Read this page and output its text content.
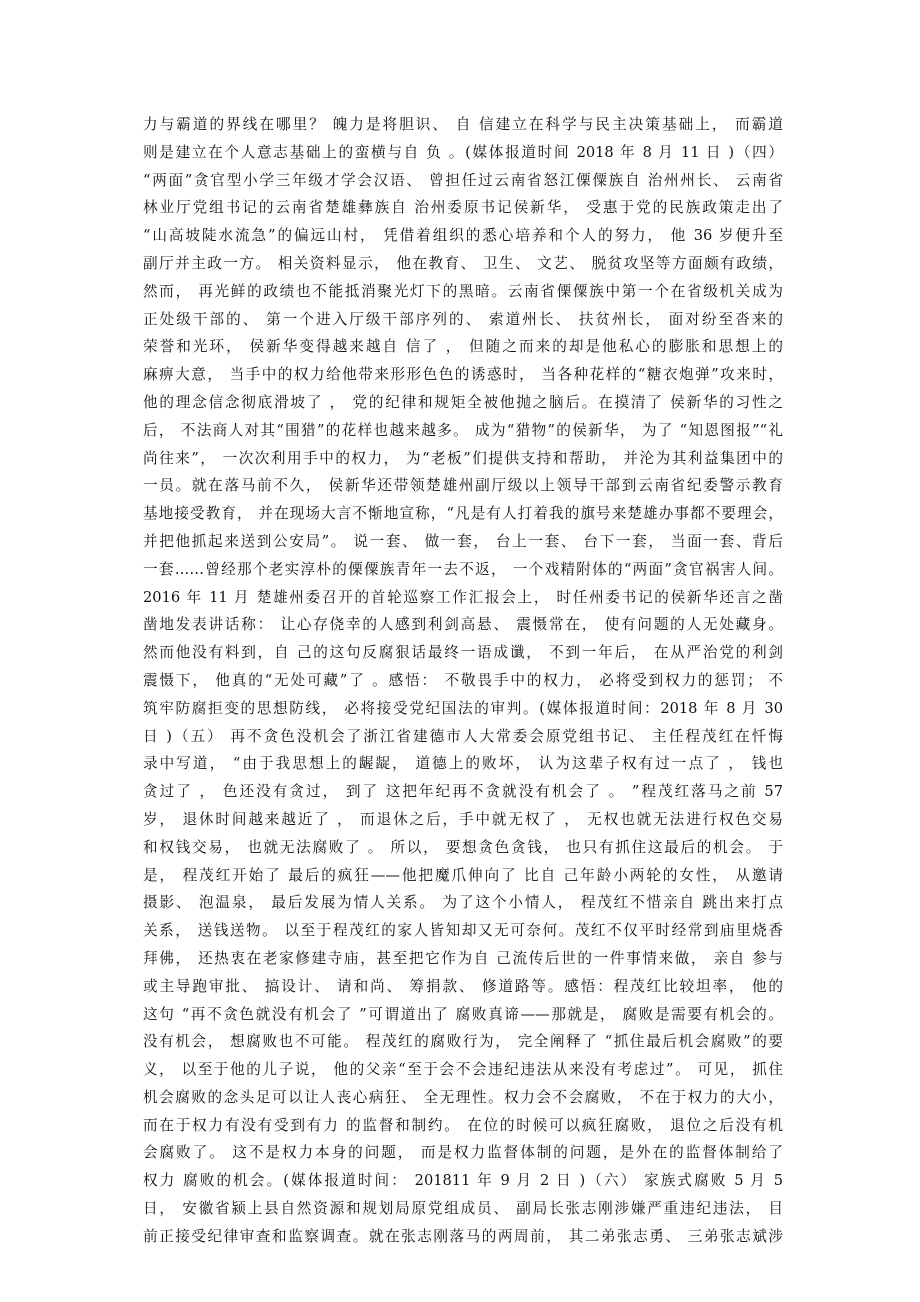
力与霸道的界线在哪里？ 魄力是将胆识、 自 信建立在科学与民主决策基础上， 而霸道
则是建立在个人意志基础上的蛮横与自 负 。(媒体报道时间 2018 年 8 月 11 日 )（四）
“两面”贪官型小学三年级才学会汉语、 曾担任过云南省怒江傈僳族自 治州州长、 云南省
林业厅党组书记的云南省楚雄彝族自 治州委原书记侯新华， 受惠于党的民族政策走出了
“山高坡陡水流急”的偏远山村， 凭借着组织的悉心培养和个人的努力， 他 36 岁便升至
副厅并主政一方。 相关资料显示， 他在教育、 卫生、 文艺、 脱贫攻坚等方面颇有政绩，
然而， 再光鲜的政绩也不能抵消聚光灯下的黑暗。云南省傈僳族中第一个在省级机关成为
正处级干部的、 第一个进入厅级干部序列的、 索道州长、 扶贫州长， 面对纷至沓来的
荣誉和光环， 侯新华变得越来越自 信了 ， 但随之而来的却是他私心的膨胀和思想上的
麻痹大意， 当手中的权力给他带来形形色色的诱惑时， 当各种花样的“糖衣炮弹”攻来时，
他的理念信念彻底滑坡了 ， 党的纪律和规矩全被他抛之脑后。在摸清了 侯新华的习性之
后， 不法商人对其“围猎”的花样也越来越多。 成为“猎物”的侯新华， 为了 “知恩图报”“礼
尚往来”， 一次次利用手中的权力， 为“老板”们提供支持和帮助， 并沦为其利益集团中的
一员。就在落马前不久， 侯新华还带领楚雄州副厅级以上领导干部到云南省纪委警示教育
基地接受教育， 并在现场大言不惭地宣称，“凡是有人打着我的旗号来楚雄办事都不要理会，
并把他抓起来送到公安局”。 说一套、 做一套， 台上一套、 台下一套， 当面一套、背后
一套……曾经那个老实淳朴的傈僳族青年一去不返， 一个戏精附体的“两面”贪官祸害人间。
2016 年 11 月 楚雄州委召开的首轮巡察工作汇报会上， 时任州委书记的侯新华还言之凿
凿地发表讲话称： 让心存侥幸的人感到利剑高悬、 震慑常在， 使有问题的人无处藏身。
然而他没有料到，自 己的这句反腐狠话最终一语成谶， 不到一年后， 在从严治党的利剑
震慑下， 他真的“无处可藏”了 。感悟： 不敬畏手中的权力， 必将受到权力的惩罚； 不
筑牢防腐拒变的思想防线， 必将接受党纪国法的审判。(媒体报道时间：2018 年 8 月 30
日 )（五） 再不贪色没机会了浙江省建德市人大常委会原党组书记、 主任程茂红在忏悔
录中写道， “由于我思想上的龌龊， 道德上的败坏， 认为这辈子权有过一点了 ， 钱也
贪过了 ， 色还没有贪过， 到了 这把年纪再不贪就没有机会了 。 ”程茂红落马之前 57
岁， 退休时间越来越近了 ， 而退休之后，手中就无权了 ， 无权也就无法进行权色交易
和权钱交易， 也就无法腐败了 。 所以， 要想贪色贪钱， 也只有抓住这最后的机会。 于
是， 程茂红开始了 最后的疯狂——他把魔爪伸向了 比自 己年龄小两轮的女性， 从邀请
摄影、 泡温泉， 最后发展为情人关系。 为了这个小情人， 程茂红不惜亲自 跳出来打点
关系， 送钱送物。 以至于程茂红的家人皆知却又无可奈何。茂红不仅平时经常到庙里烧香
拜佛， 还热衷在老家修建寺庙，甚至把它作为自 己流传后世的一件事情来做， 亲自 参与
或主导跑审批、 搞设计、 请和尚、 筹捐款、 修道路等。感悟：程茂红比较坦率， 他的
这句 “再不贪色就没有机会了 ”可谓道出了 腐败真谛——那就是， 腐败是需要有机会的。
没有机会， 想腐败也不可能。 程茂红的腐败行为， 完全阐释了 “抓住最后机会腐败”的要
义， 以至于他的儿子说， 他的父亲“至于会不会违纪违法从来没有考虑过”。 可见， 抓住
机会腐败的念头足可以让人丧心病狂、 全无理性。权力会不会腐败， 不在于权力的大小，
而在于权力有没有受到有力 的监督和制约。 在位的时候可以疯狂腐败， 退位之后没有机
会腐败了。 这不是权力本身的问题， 而是权力监督体制的问题，是外在的监督体制给了
权力 腐败的机会。(媒体报道时间： 201811 年 9 月 2 日 )（六） 家族式腐败 5 月 5
日， 安徽省颍上县自然资源和规划局原党组成员、 副局长张志刚涉嫌严重违纪违法， 目
前正接受纪律审查和监察调查。就在张志刚落马的两周前， 其二弟张志勇、 三弟张志斌涉
